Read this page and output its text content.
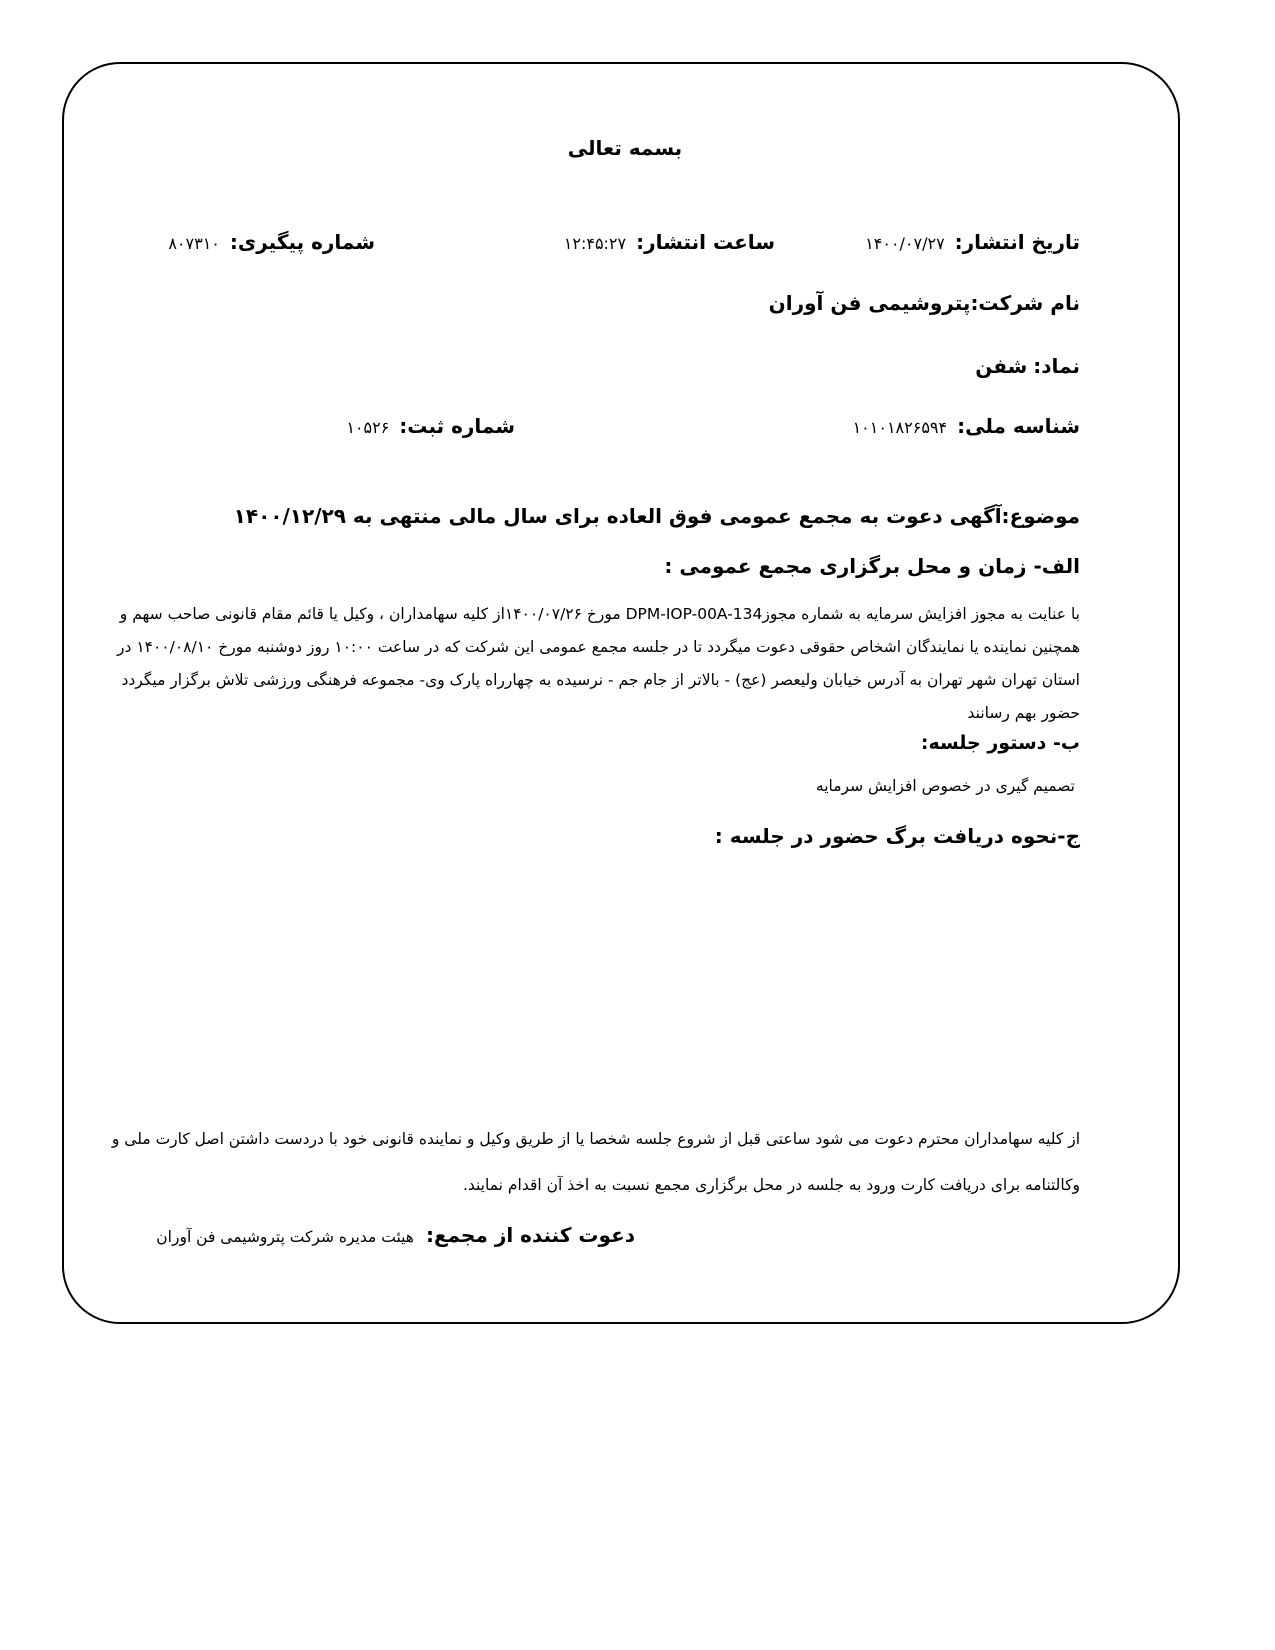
بسمه تعالی
تاریخ انتشار:۱۴۰۰/۰۷/۲۷
ساعت انتشار:۱۲:۴۵:۲۷
شماره پیگیری:۸۰۷۳۱۰
نام شرکت:پتروشیمی فن آوران
نماد:شفن
شناسه ملی:۱۰۱۰۱۸۲۶۵۹۴
شماره ثبت:۱۰۵۲۶
موضوع:آگهی دعوت به مجمع عمومی فوق العاده برای سال مالی منتهی به ۱۴۰۰/۱۲/۲۹
الف- زمان و محل برگزاری مجمع عمومی :
با عنایت به مجوز افزایش سرمایه به شماره مجوزDPM-IOP-00A-134 مورخ ۱۴۰۰/۰۷/۲۶از کلیه سهامداران ، وکیل یا قائم مقام قانونی صاحب سهم و
همچنین نماینده یا نمایندگان اشخاص حقوقی دعوت میگردد تا در جلسه مجمع عمومی این شرکت که در ساعت ۱۰:۰۰ روز دوشنبه مورخ ۱۴۰۰/۰۸/۱۰ در
استان تهران شهر تهران به آدرس خیابان ولیعصر (عج) - بالاتر از جام جم - نرسیده به چهارراه پارک وی- مجموعه فرهنگی ورزشی تلاش برگزار میگردد
حضور بهم رسانند
ب- دستور جلسه:
تصمیم گیری در خصوص افزایش سرمایه
ج-نحوه دریافت برگ حضور در جلسه :
از کلیه سهامداران محترم دعوت می شود ساعتی قبل از شروع جلسه شخصا یا از طریق وکیل و نماینده قانونی خود با دردست داشتن اصل کارت ملی و
وکالتنامه برای دریافت کارت ورود به جلسه در محل برگزاری مجمع نسبت به اخذ آن اقدام نمایند.
دعوت کننده از مجمع:هیئت مدیره شرکت پتروشیمی فن آوران
